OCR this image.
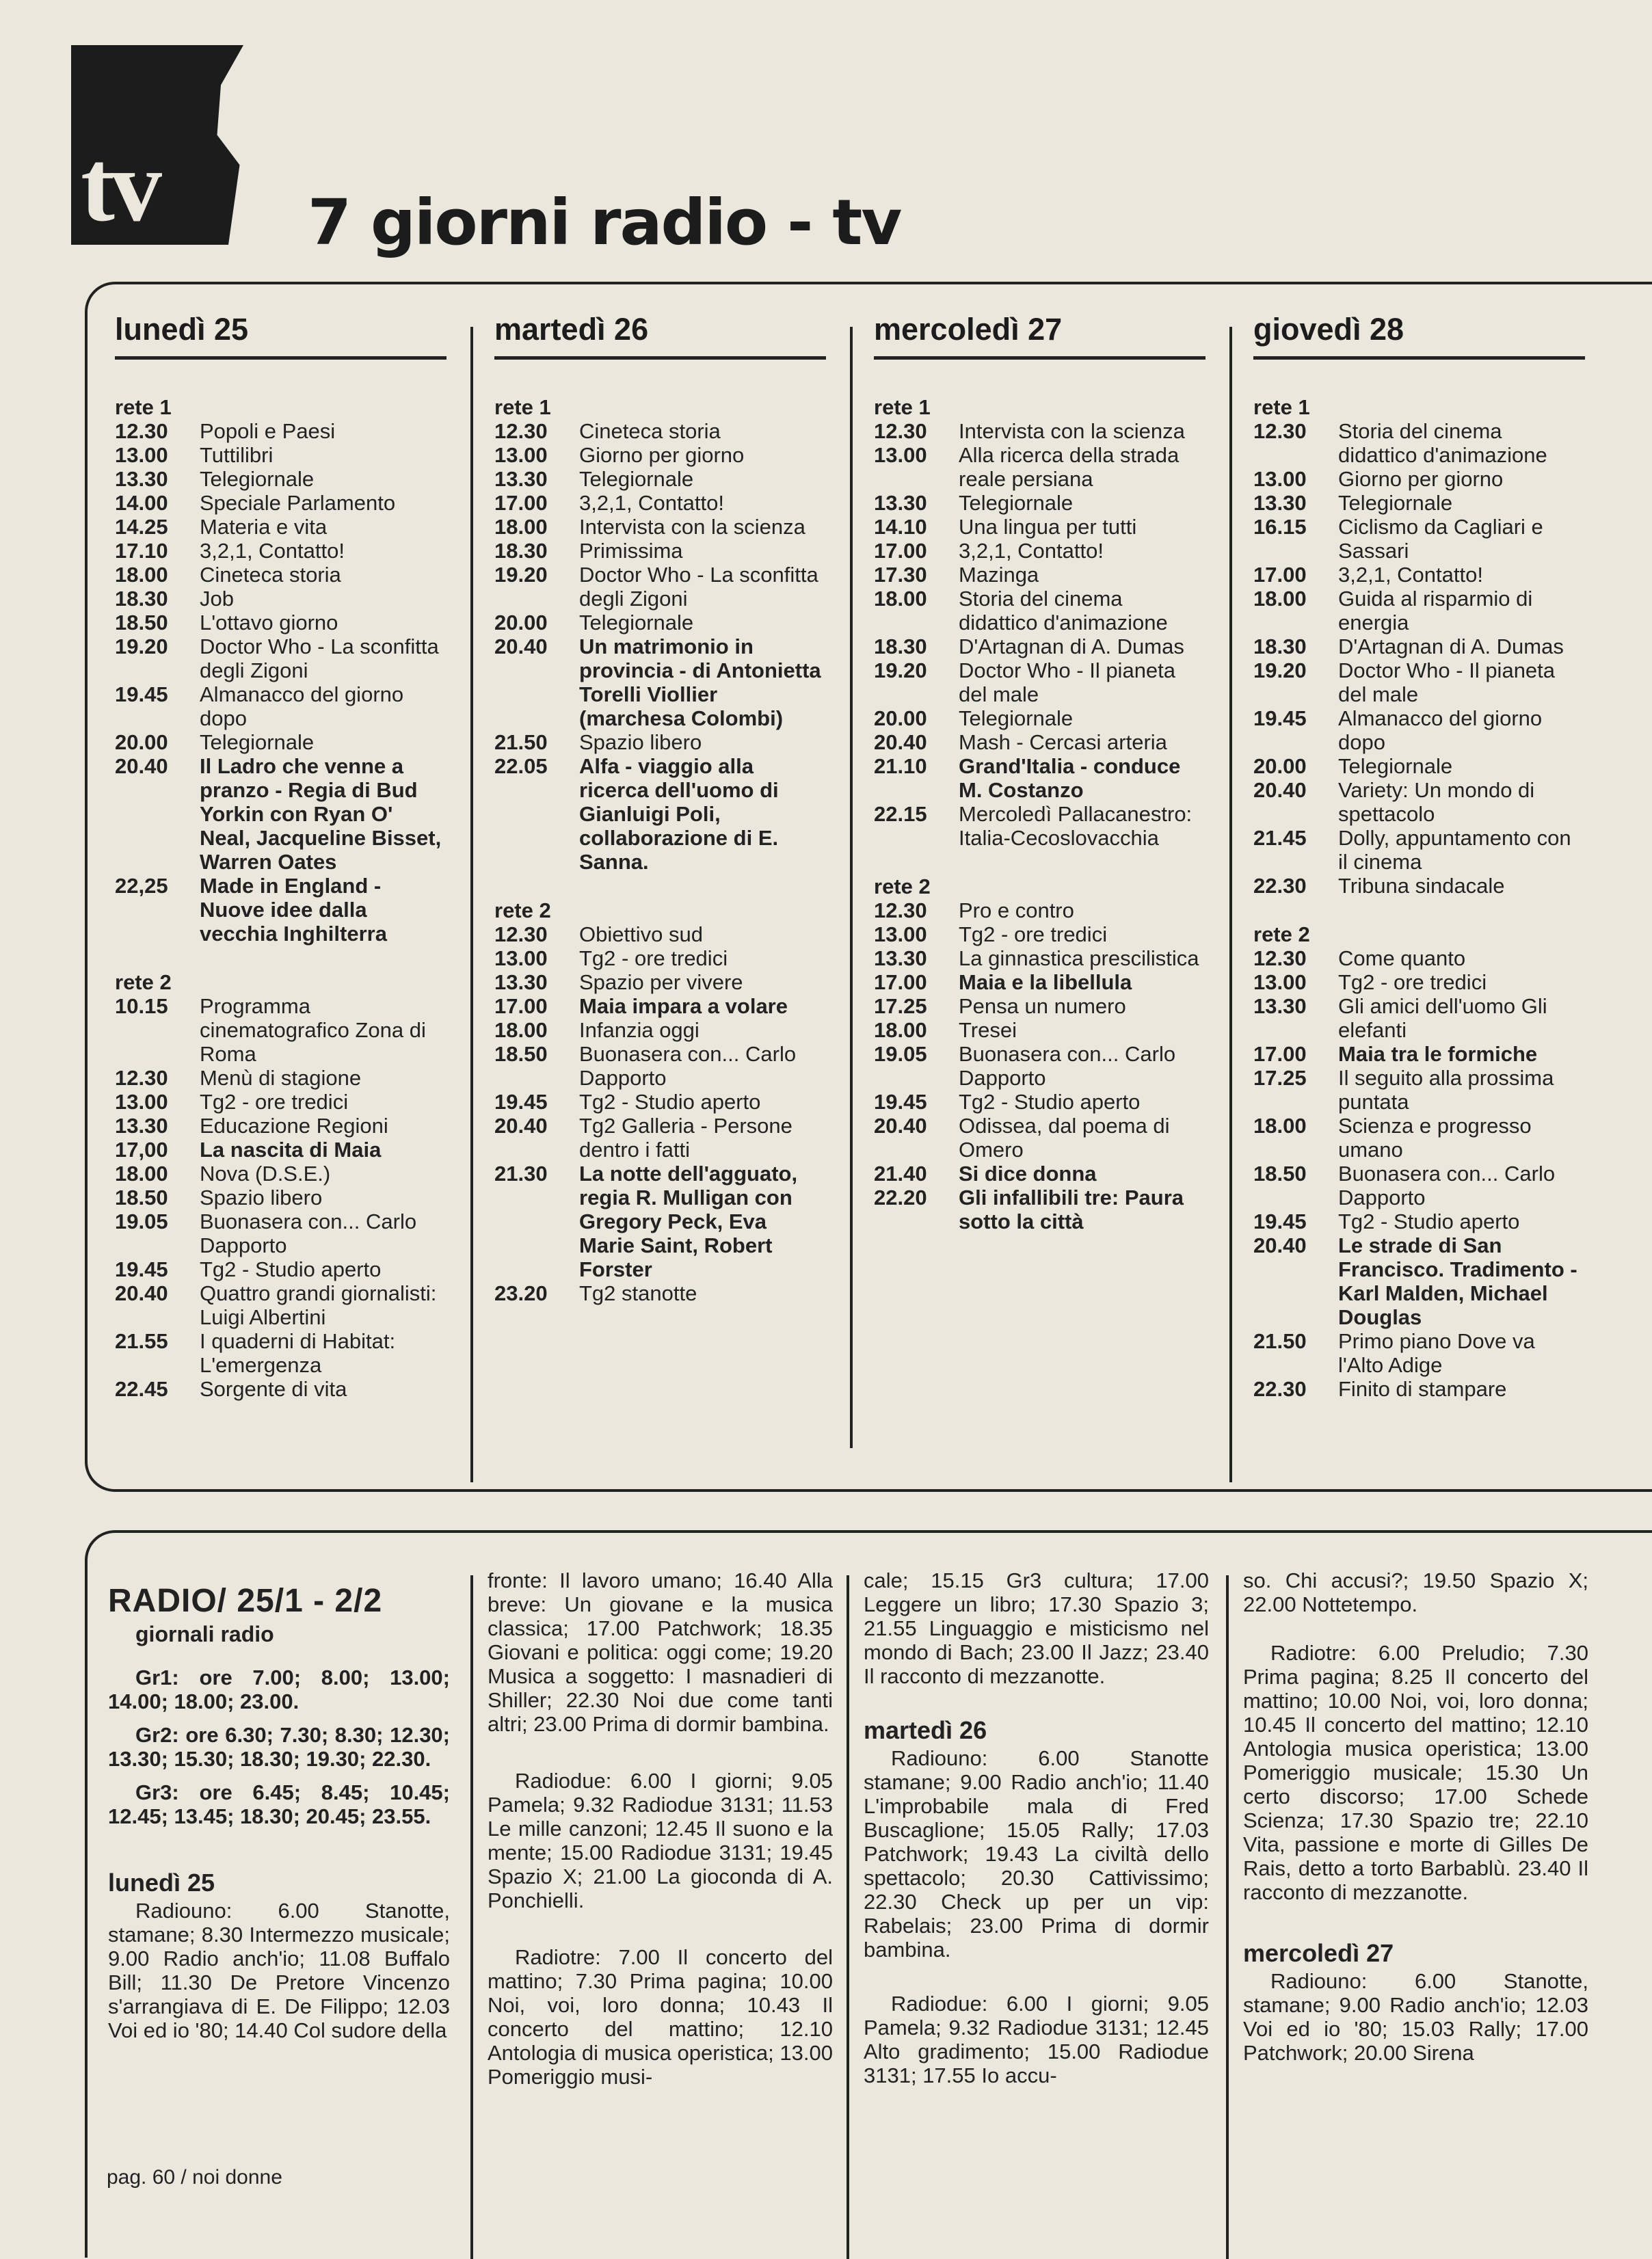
tv 7 giorni radio - tv
lunedì 25
rete 1
12.30	Popoli e Paesi
13.00	Tuttilibri
13.30	Telegiornale
14.00	Speciale Parlamento
14.25	Materia e vita
17.10	3,2,1, Contatto!
18.00	Cineteca storia
18.30	Job
18.50	L'ottavo giorno
19.20	Doctor Who - La sconfitta degli Zigoni
19.45	Almanacco del giorno dopo
20.00	Telegiornale
20.40	Il Ladro che venne a pranzo - Regia di Bud Yorkin con Ryan O' Neal, Jacqueline Bisset, Warren Oates
22,25	Made in England - Nuove idee dalla vecchia Inghilterra
rete 2
10.15	Programma cinematografico Zona di Roma
12.30	Menù di stagione
13.00	Tg2 - ore tredici
13.30	Educazione Regioni
17,00	La nascita di Maia
18.00	Nova (D.S.E.)
18.50	Spazio libero
19.05	Buonasera con... Carlo Dapporto
19.45	Tg2 - Studio aperto
20.40	Quattro grandi giornalisti: Luigi Albertini
21.55	I quaderni di Habitat: L'emergenza
22.45	Sorgente di vita
martedì 26
rete 1
12.30	Cineteca storia
13.00	Giorno per giorno
13.30	Telegiornale
17.00	3,2,1, Contatto!
18.00	Intervista con la scienza
18.30	Primissima
19.20	Doctor Who - La sconfitta degli Zigoni
20.00	Telegiornale
20.40	Un matrimonio in provincia - di Antonietta Torelli Viollier (marchesa Colombi)
21.50	Spazio libero
22.05	Alfa - viaggio alla ricerca dell'uomo di Gianluigi Poli, collaborazione di E. Sanna.
rete 2
12.30	Obiettivo sud
13.00	Tg2 - ore tredici
13.30	Spazio per vivere
17.00	Maia impara a volare
18.00	Infanzia oggi
18.50	Buonasera con... Carlo Dapporto
19.45	Tg2 - Studio aperto
20.40	Tg2 Galleria - Persone dentro i fatti
21.30	La notte dell'agguato, regia R. Mulligan con Gregory Peck, Eva Marie Saint, Robert Forster
23.20	Tg2 stanotte
mercoledì 27
rete 1
12.30	Intervista con la scienza
13.00	Alla ricerca della strada reale persiana
13.30	Telegiornale
14.10	Una lingua per tutti
17.00	3,2,1, Contatto!
17.30	Mazinga
18.00	Storia del cinema didattico d'animazione
18.30	D'Artagnan di A. Dumas
19.20	Doctor Who - Il pianeta del male
20.00	Telegiornale
20.40	Mash - Cercasi arteria
21.10	Grand'Italia - conduce M. Costanzo
22.15	Mercoledì Pallacanestro: Italia-Cecoslovacchia
rete 2
12.30	Pro e contro
13.00	Tg2 - ore tredici
13.30	La ginnastica prescilistica
17.00	Maia e la libellula
17.25	Pensa un numero
18.00	Tresei
19.05	Buonasera con... Carlo Dapporto
19.45	Tg2 - Studio aperto
20.40	Odissea, dal poema di Omero
21.40	Si dice donna
22.20	Gli infallibili tre: Paura sotto la città
giovedì 28
rete 1
12.30	Storia del cinema didattico d'animazione
13.00	Giorno per giorno
13.30	Telegiornale
16.15	Ciclismo da Cagliari e Sassari
17.00	3,2,1, Contatto!
18.00	Guida al risparmio di energia
18.30	D'Artagnan di A. Dumas
19.20	Doctor Who - Il pianeta del male
19.45	Almanacco del giorno dopo
20.00	Telegiornale
20.40	Variety: Un mondo di spettacolo
21.45	Dolly, appuntamento con il cinema
22.30	Tribuna sindacale
rete 2
12.30	Come quanto
13.00	Tg2 - ore tredici
13.30	Gli amici dell'uomo Gli elefanti
17.00	Maia tra le formiche
17.25	Il seguito alla prossima puntata
18.00	Scienza e progresso umano
18.50	Buonasera con... Carlo Dapporto
19.45	Tg2 - Studio aperto
20.40	Le strade di San Francisco. Tradimento - Karl Malden, Michael Douglas
21.50	Primo piano Dove va l'Alto Adige
22.30	Finito di stampare
RADIO/ 25/1 - 2/2
giornali radio
Gr1: ore 7.00; 8.00; 13.00; 14.00; 18.00; 23.00.
Gr2: ore 6.30; 7.30; 8.30; 12.30; 13.30; 15.30; 18.30; 19.30; 22.30.
Gr3: ore 6.45; 8.45; 10.45; 12.45; 13.45; 18.30; 20.45; 23.55.
lunedì 25
Radiouno: 6.00 Stanotte, stamane; 8.30 Intermezzo musicale; 9.00 Radio anch'io; 11.08 Buffalo Bill; 11.30 De Pretore Vincenzo s'arrangiava di E. De Filippo; 12.03 Voi ed io '80; 14.40 Col sudore della
fronte: Il lavoro umano; 16.40 Alla breve: Un giovane e la musica classica; 17.00 Patchwork; 18.35 Giovani e politica: oggi come; 19.20 Musica a soggetto: I masnadieri di Shiller; 22.30 Noi due come tanti altri; 23.00 Prima di dormir bambina.
Radiodue: 6.00 I giorni; 9.05 Pamela; 9.32 Radiodue 3131; 11.53 Le mille canzoni; 12.45 Il suono e la mente; 15.00 Radiodue 3131; 19.45 Spazio X; 21.00 La gioconda di A. Ponchielli.
Radiotre: 7.00 Il concerto del mattino; 7.30 Prima pagina; 10.00 Noi, voi, loro donna; 10.43 Il concerto del mattino; 12.10 Antologia di musica operistica; 13.00 Pomeriggio musi-
cale; 15.15 Gr3 cultura; 17.00 Leggere un libro; 17.30 Spazio 3; 21.55 Linguaggio e misticismo nel mondo di Bach; 23.00 Il Jazz; 23.40 Il racconto di mezzanotte.
martedì 26
Radiouno: 6.00 Stanotte stamane; 9.00 Radio anch'io; 11.40 L'improbabile mala di Fred Buscaglione; 15.05 Rally; 17.03 Patchwork; 19.43 La civiltà dello spettacolo; 20.30 Cattivissimo; 22.30 Check up per un vip: Rabelais; 23.00 Prima di dormir bambina.
Radiodue: 6.00 I giorni; 9.05 Pamela; 9.32 Radiodue 3131; 12.45 Alto gradimento; 15.00 Radiodue 3131; 17.55 Io accu-
so. Chi accusi?; 19.50 Spazio X; 22.00 Nottetempo.
Radiotre: 6.00 Preludio; 7.30 Prima pagina; 8.25 Il concerto del mattino; 10.00 Noi, voi, loro donna; 10.45 Il concerto del mattino; 12.10 Antologia musica operistica; 13.00 Pomeriggio musicale; 15.30 Un certo discorso; 17.00 Schede Scienza; 17.30 Spazio tre; 22.10 Vita, passione e morte di Gilles De Rais, detto a torto Barbablù. 23.40 Il racconto di mezzanotte.
mercoledì 27
Radiouno: 6.00 Stanotte, stamane; 9.00 Radio anch'io; 12.03 Voi ed io '80; 15.03 Rally; 17.00 Patchwork; 20.00 Sirena
pag. 60 / noi donne
